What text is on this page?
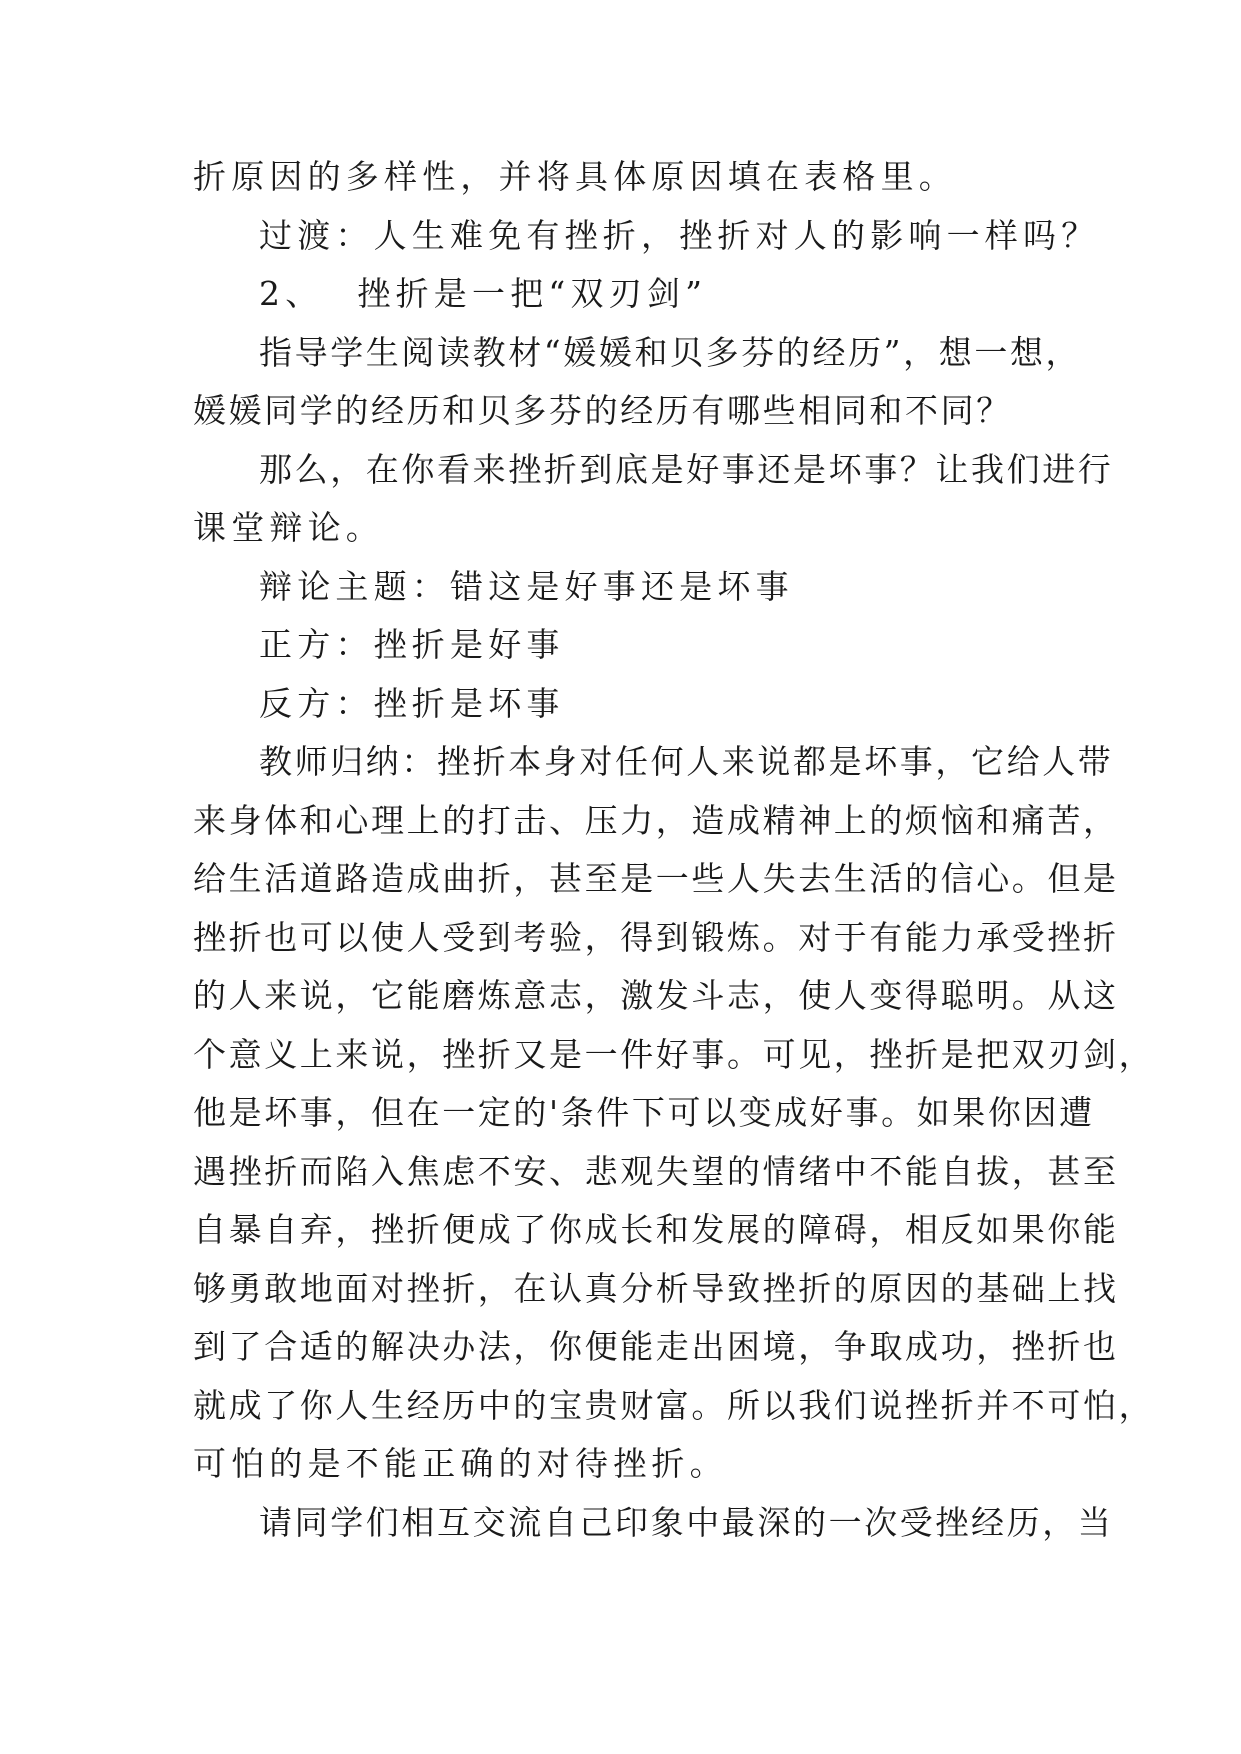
折原因的多样性，并将具体原因填在表格里。
过渡：人生难免有挫折，挫折对人的影响一样吗？
2、 挫折是一把“双刃剑”
指导学生阅读教材“媛媛和贝多芬的经历”，想一想，
媛媛同学的经历和贝多芬的经历有哪些相同和不同？
那么，在你看来挫折到底是好事还是坏事？让我们进行
课堂辩论。
辩论主题：错这是好事还是坏事
正方：挫折是好事
反方：挫折是坏事
教师归纳：挫折本身对任何人来说都是坏事，它给人带
来身体和心理上的打击、压力，造成精神上的烦恼和痛苦，
给生活道路造成曲折，甚至是一些人失去生活的信心。但是
挫折也可以使人受到考验，得到锻炼。对于有能力承受挫折
的人来说，它能磨炼意志，激发斗志，使人变得聪明。从这
个意义上来说，挫折又是一件好事。可见，挫折是把双刃剑，
他是坏事，但在一定的'条件下可以变成好事。如果你因遭
遇挫折而陷入焦虑不安、悲观失望的情绪中不能自拔，甚至
自暴自弃，挫折便成了你成长和发展的障碍，相反如果你能
够勇敢地面对挫折，在认真分析导致挫折的原因的基础上找
到了合适的解决办法，你便能走出困境，争取成功，挫折也
就成了你人生经历中的宝贵财富。所以我们说挫折并不可怕，
可怕的是不能正确的对待挫折。
请同学们相互交流自己印象中最深的一次受挫经历，当
